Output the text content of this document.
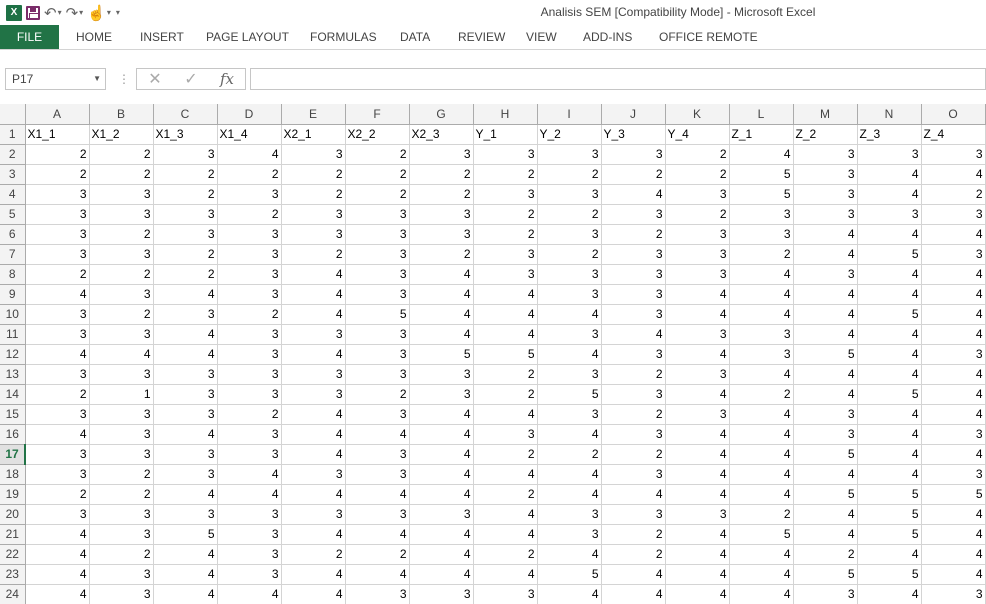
X	↶ ▾ ↷ ▾ ☝ ▾ ▾	Analisis SEM [Compatibility Mode] - Microsoft Excel
FILE	HOME INSERT PAGE LAYOUT FORMULAS DATA REVIEW VIEW ADD-INS OFFICE REMOTE
P17	▼ ⋮	✕	✓	fx
	A	B	C	D	E	F	G	H	I	J	K	L	M	N	O
1	X1_1	X1_2	X1_3	X1_4	X2_1	X2_2	X2_3	Y_1	Y_2	Y_3	Y_4	Z_1	Z_2	Z_3	Z_4
2	2	2	3	4	3	2	3	3	3	3	2	4	3	3	3
3	2	2	2	2	2	2	2	2	2	2	2	5	3	4	4
4	3	3	2	3	2	2	2	3	3	4	3	5	3	4	2
5	3	3	3	2	3	3	3	2	2	3	2	3	3	3	3
6	3	2	3	3	3	3	3	2	3	2	3	3	4	4	4
7	3	3	2	3	2	3	2	3	2	3	3	2	4	5	3
8	2	2	2	3	4	3	4	3	3	3	3	4	3	4	4
9	4	3	4	3	4	3	4	4	3	3	4	4	4	4	4
10	3	2	3	2	4	5	4	4	4	3	4	4	4	5	4
11	3	3	4	3	3	3	4	4	3	4	3	3	4	4	4
12	4	4	4	3	4	3	5	5	4	3	4	3	5	4	3
13	3	3	3	3	3	3	3	2	3	2	3	4	4	4	4
14	2	1	3	3	3	2	3	2	5	3	4	2	4	5	4
15	3	3	3	2	4	3	4	4	3	2	3	4	3	4	4
16	4	3	4	3	4	4	4	3	4	3	4	4	3	4	3
17	3	3	3	3	4	3	4	2	2	2	4	4	5	4	4
18	3	2	3	4	3	3	4	4	4	3	4	4	4	4	3
19	2	2	4	4	4	4	4	2	4	4	4	4	5	5	5
20	3	3	3	3	3	3	3	4	3	3	3	2	4	5	4
21	4	3	5	3	4	4	4	4	3	2	4	5	4	5	4
22	4	2	4	3	2	2	4	2	4	2	4	4	2	4	4
23	4	3	4	3	4	4	4	4	5	4	4	4	5	5	4
24	4	3	4	4	4	3	3	3	4	4	4	4	3	4	3
